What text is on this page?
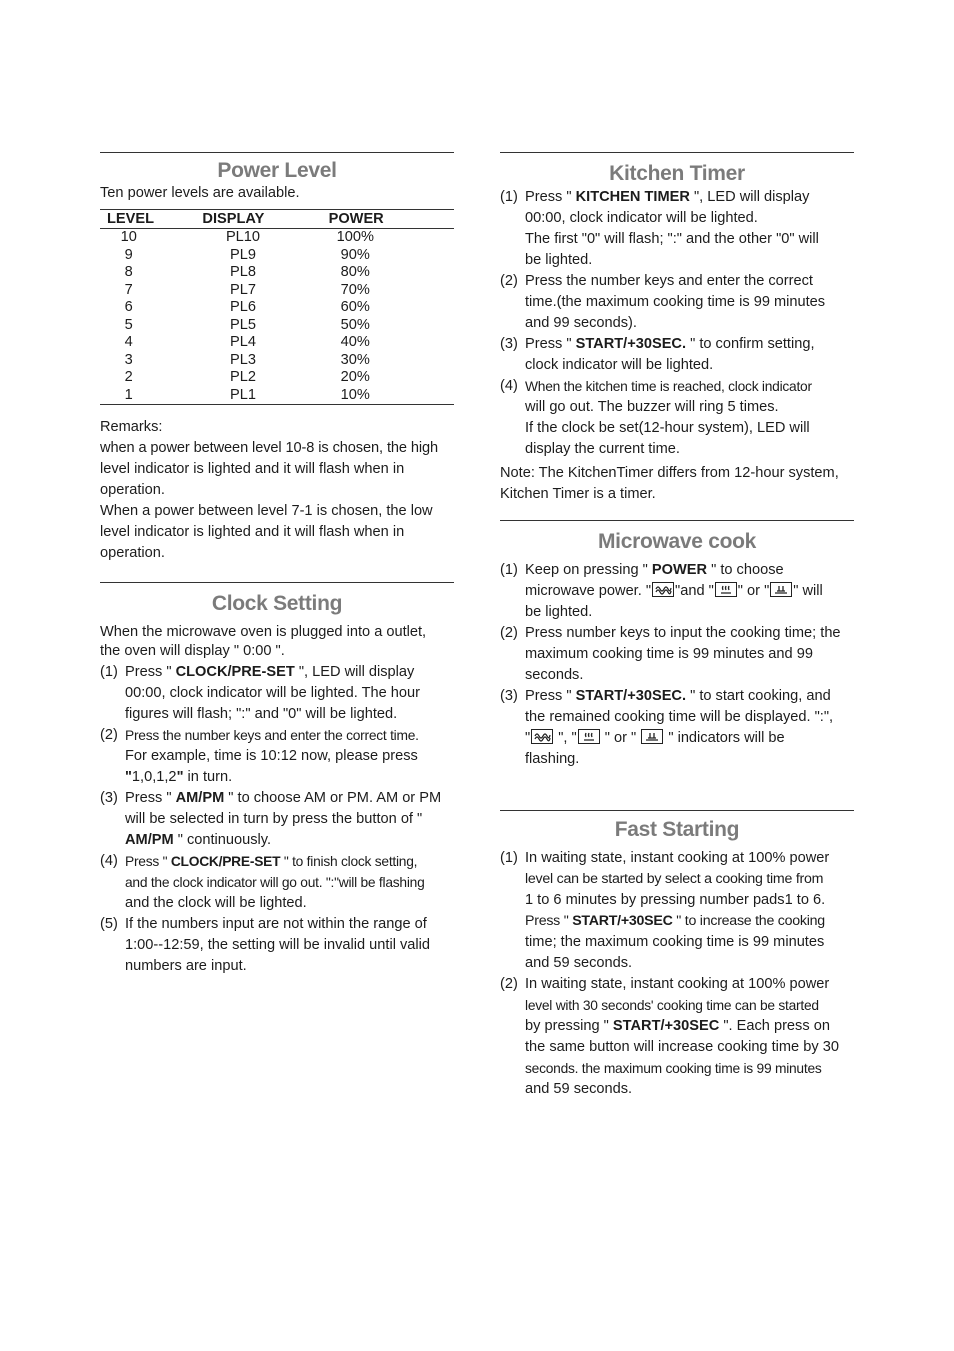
Power Level

Ten power levels are available.

LEVEL	DISPLAY	POWER
10	PL10	100%
9	PL9	90%
8	PL8	80%
7	PL7	70%
6	PL6	60%
5	PL5	50%
4	PL4	40%
3	PL3	30%
2	PL2	20%
1	PL1	10%
Remarks:
when a power between level 10-8 is chosen, the high
level indicator is lighted and it will flash when in
operation.
When a power between level 7-1 is chosen, the low
level indicator is lighted and it will flash when in
operation.
Clock Setting
When the microwave oven is plugged into a outlet,
the oven will display " 0:00 ".
(1) Press " CLOCK/PRE-SET ", LED will display
00:00, clock indicator will be lighted. The hour
figures will flash; ":" and "0" will be lighted.
(2) Press the number keys and enter the correct time.
For example, time is 10:12 now, please press
"1,0,1,2" in turn.
(3) Press " AM/PM " to choose AM or PM. AM or PM
will be selected in turn by press the button of "
AM/PM " continuously.
(4) Press " CLOCK/PRE-SET " to finish clock setting,
and the clock indicator will go out. ":"will be flashing
and the clock will be lighted.
(5) If the numbers input are not within the range of
1:00--12:59, the setting will be invalid until valid
numbers are input.
Kitchen Timer
(1) Press " KITCHEN TIMER ", LED will display
00:00, clock indicator will be lighted.
The first "0" will flash; ":" and the other "0" will
be lighted.
(2) Press the number keys and enter the correct
time.(the maximum cooking time is 99 minutes
and 99 seconds).
(3) Press " START/+30SEC. " to confirm setting,
clock indicator will be lighted.
(4) When the kitchen time is reached, clock indicator
will go out. The buzzer will ring 5 times.
If the clock be set(12-hour system), LED will
display the current time.
Note: The KitchenTimer differs from 12-hour system,
Kitchen Timer is a timer.
Microwave cook
(1) Keep on pressing " POWER " to choose
microwave power. " "and " " or " " will
be lighted.
(2) Press number keys to input the cooking time; the
maximum cooking time is 99 minutes and 99
seconds.
(3) Press " START/+30SEC. " to start cooking, and
the remained cooking time will be displayed. ":",
"
", "
" or "
" indicators will be
flashing.
Fast Starting
(1) In waiting state, instant cooking at 100% power
level can be started by select a cooking time from
1 to 6 minutes by pressing number pads1 to 6.
Press " START/+30SEC " to increase the cooking
time; the maximum cooking time is 99 minutes
and 59 seconds.
(2) In waiting state, instant cooking at 100% power
level with 30 seconds' cooking time can be started
by pressing " START/+30SEC ". Each press on
the same button will increase cooking time by 30
seconds. the maximum cooking time is 99 minutes
and 59 seconds.
